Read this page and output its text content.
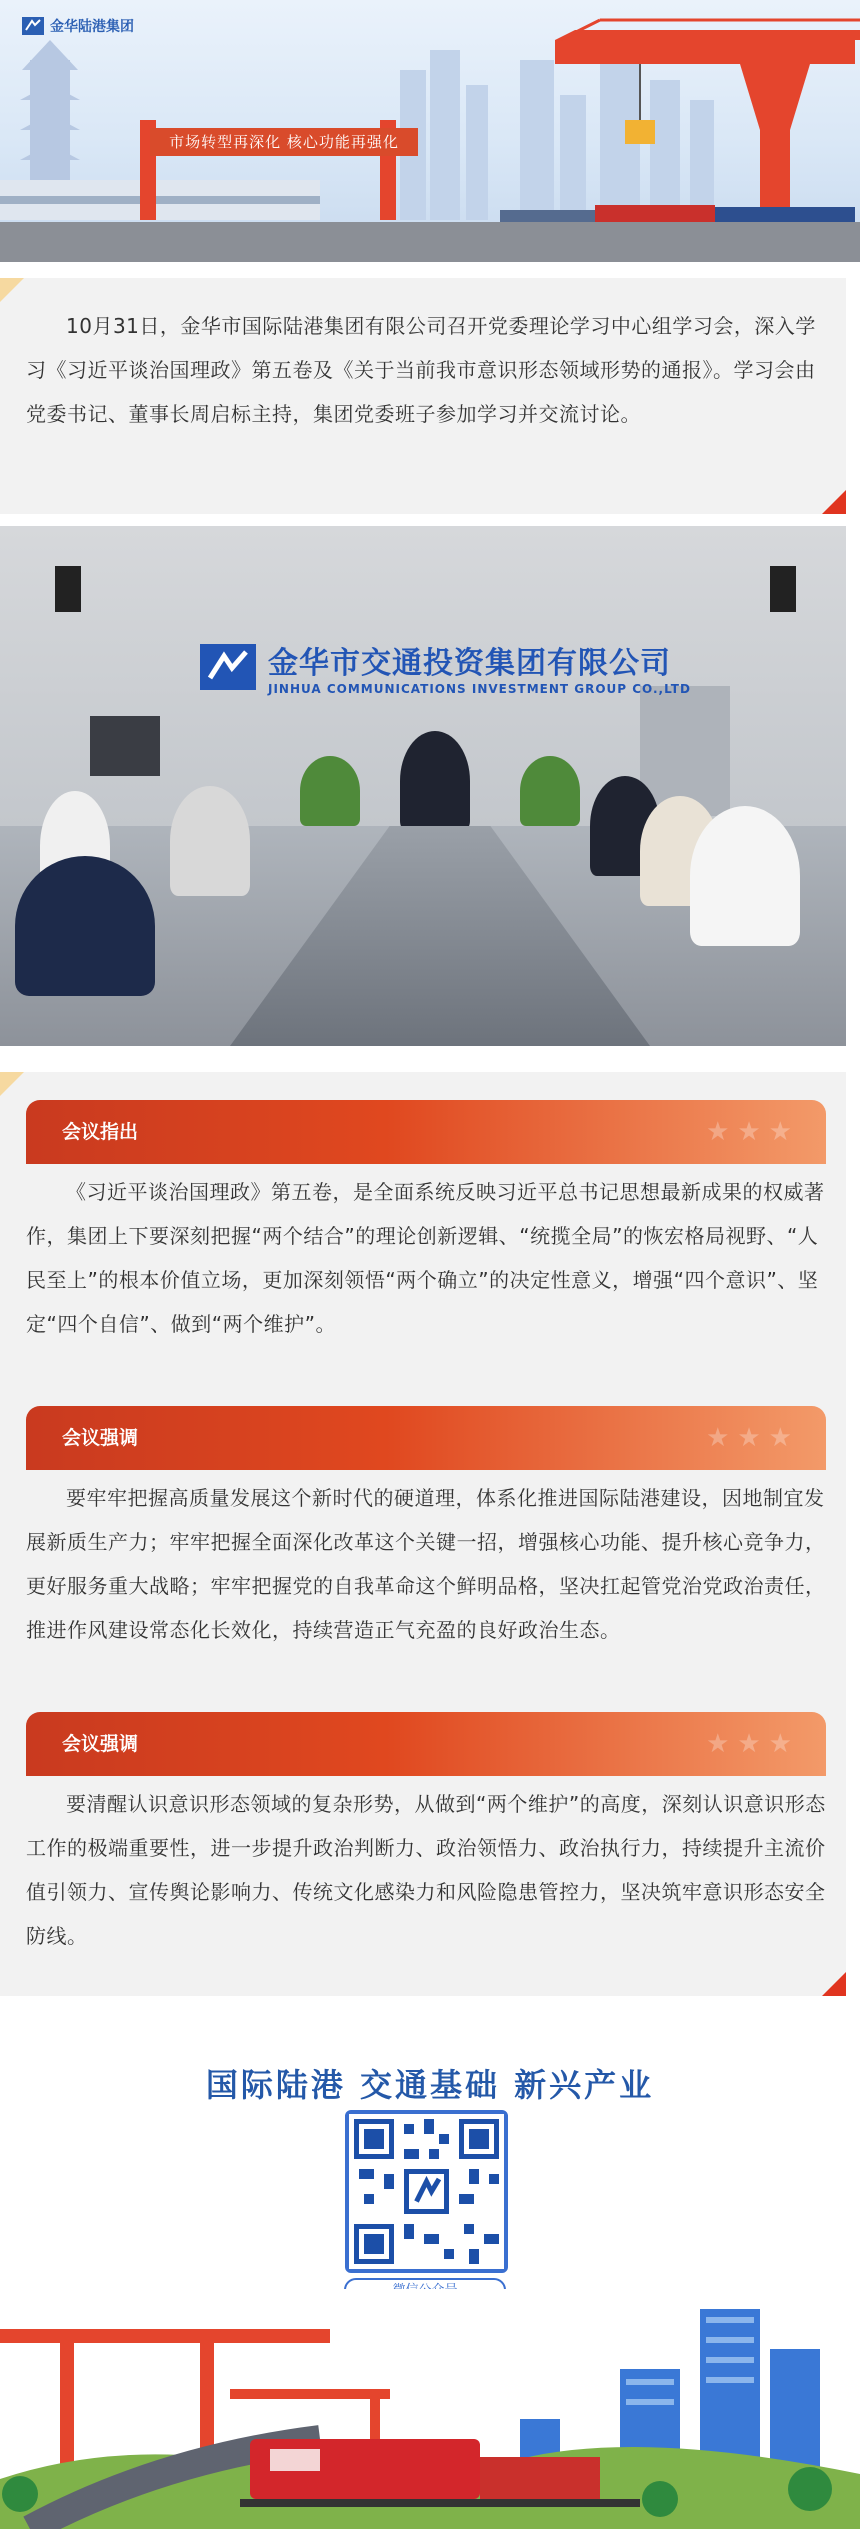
金华陆港集团
市场转型再深化 核心功能再强化

10月31日，金华市国际陆港集团有限公司召开党委理论学习中心组学习会，深入学习《习近平谈治国理政》第五卷及《关于当前我市意识形态领域形势的通报》。学习会由党委书记、董事长周启标主持，集团党委班子参加学习并交流讨论。

金华市交通投资集团有限公司
JINHUA COMMUNICATIONS INVESTMENT GROUP CO.,LTD
会议指出	★★★

《习近平谈治国理政》第五卷，是全面系统反映习近平总书记思想最新成果的权威著作，集团上下要深刻把握“两个结合”的理论创新逻辑、“统揽全局”的恢宏格局视野、“人民至上”的根本价值立场，更加深刻领悟“两个确立”的决定性意义，增强“四个意识”、坚定“四个自信”、做到“两个维护”。

会议强调	★★★

要牢牢把握高质量发展这个新时代的硬道理，体系化推进国际陆港建设，因地制宜发展新质生产力；牢牢把握全面深化改革这个关键一招，增强核心功能、提升核心竞争力，更好服务重大战略；牢牢把握党的自我革命这个鲜明品格，坚决扛起管党治党政治责任，推进作风建设常态化长效化，持续营造正气充盈的良好政治生态。

会议强调	★★★

要清醒认识意识形态领域的复杂形势，从做到“两个维护”的高度，深刻认识意识形态工作的极端重要性，进一步提升政治判断力、政治领悟力、政治执行力，持续提升主流价值引领力、宣传舆论影响力、传统文化感染力和风险隐患管控力，坚决筑牢意识形态安全防线。

国际陆港 交通基础 新兴产业
